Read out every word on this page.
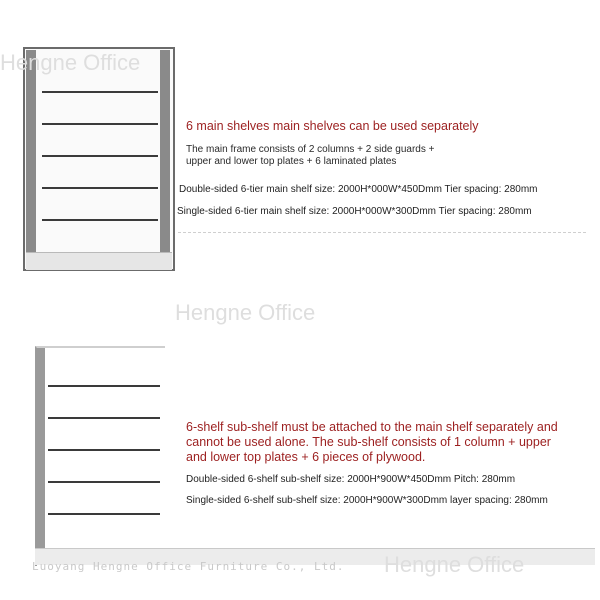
Hengne Office
6 main shelves main shelves can be used separately
The main frame consists of 2 columns + 2 side guards + upper and lower top plates + 6 laminated plates
Double-sided 6-tier main shelf size: 2000H*000W*450Dmm Tier spacing: 280mm
Single-sided 6-tier main shelf size: 2000H*000W*300Dmm Tier spacing: 280mm
Hengne Office
6-shelf sub-shelf must be attached to the main shelf separately and cannot be used alone. The sub-shelf consists of 1 column + upper and lower top plates + 6 pieces of plywood.
Double-sided 6-shelf sub-shelf size: 2000H*900W*450Dmm Pitch: 280mm
Single-sided 6-shelf sub-shelf size: 2000H*900W*300Dmm layer spacing: 280mm
Hengne Office
Luoyang Hengne Office Furniture Co., Ltd.
